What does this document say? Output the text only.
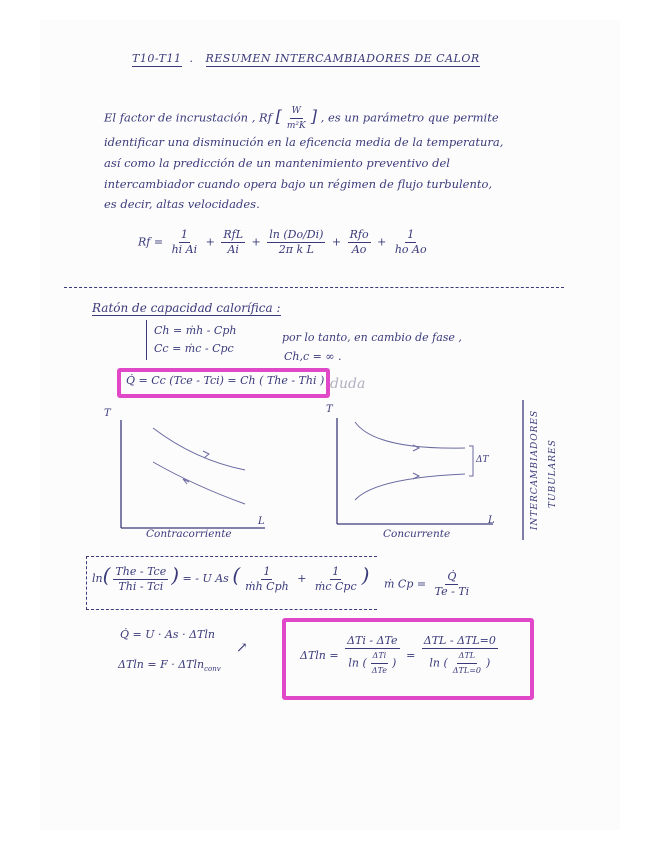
T10-T11  .   RESUMEN INTERCAMBIADORES DE CALOR
El factor de incrustación , Rf [ $\frac{W}{\text{m²K}}$ ] , es un parámetro que permite
identificar una disminución en la eficencia media de la temperatura,
así como la predicción de un mantenimiento preventivo del
intercambiador cuando opera bajo un régimen de flujo turbulento,
es decir, altas velocidades.
$Rf = \frac{1}{\text{hi Ai}} + \frac{\text{RfL}}{Ai} + \frac{\ln (Do/Di)}{\text{2π k L}} + \frac{\text{Rfo}}{Ao} + \frac{1}{\text{ho Ao}}$
Ratón de capacidad calorífica :
Ch = ṁh - Cph
Cc = ṁc - Cpc
por lo tanto, en cambio de fase ,
Ch,c = ∞ .
Q̇ = Cc (Tce - Tci) = Ch ( The - Thi ) duda
T
L
Contracorriente
T
L
Concurrente
ΔT	INTERCAMBIADORES TUBULARES
$\ln( \frac{\text{The - Tce}}{\text{Thi - Tci}}$ ) = - U As ( $\frac{1}{\text{ṁh Cph}} + \frac{1}{\text{ṁc Cpc}}$ ) ṁ $Cp = \frac{Q̇}{Te - Ti}$
Q̇ = U · As · ΔTln
ΔTln = F · ΔTln$_{conv}$
↗	$\Delta Tln = \frac{\text{ΔTi - ΔTe}}{\ln ( \frac{\text{ΔTi}}{\text{ΔTe}} )} = \frac{\text{ΔTL - ΔTL=0}}{\ln ( \frac{\text{ΔTL}}{\text{ΔTL=0}} )}$
